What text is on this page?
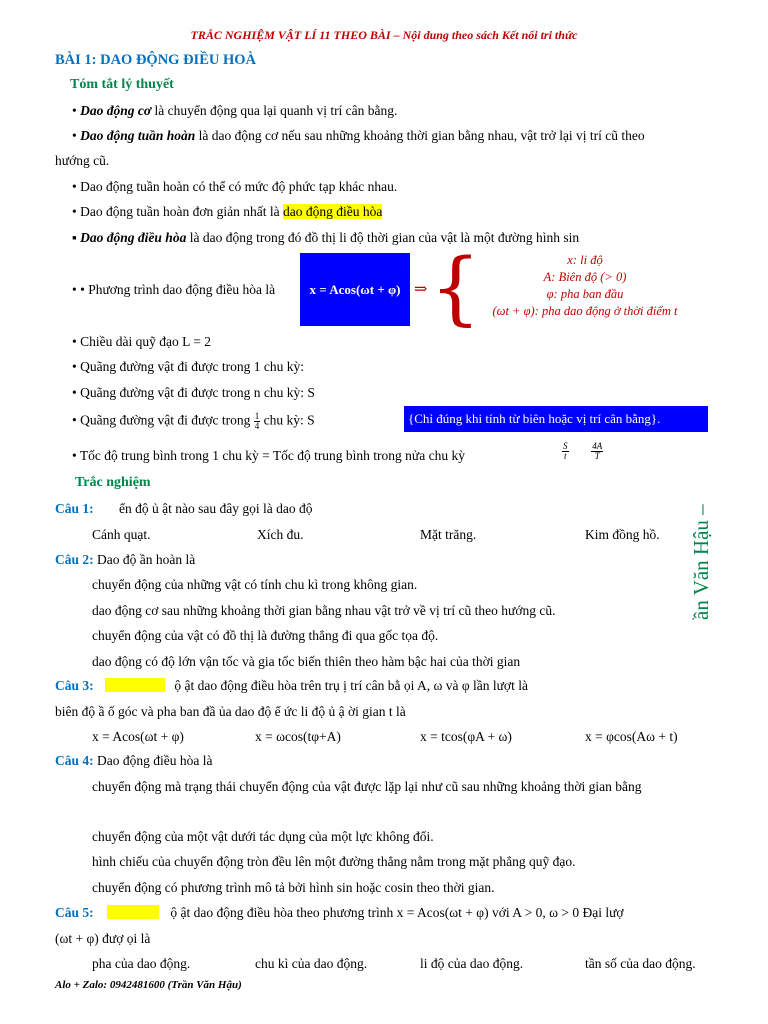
TRẮC NGHIỆM VẬT LÍ 11 THEO BÀI – Nội dung theo sách Kết nối tri thức
BÀI 1: DAO ĐỘNG ĐIỀU HOÀ
Tóm tắt lý thuyết
• Dao động cơ là chuyển động qua lại quanh vị trí cân bằng.
• Dao động tuần hoàn là dao động cơ nếu sau những khoảng thời gian bằng nhau, vật trở lại vị trí cũ theo
hướng cũ.
• Dao động tuần hoàn có thể có mức độ phức tạp khác nhau.
• Dao động tuần hoàn đơn giản nhất là dao động điều hòa
▪ Dao động điều hòa là dao động trong đó đồ thị li độ thời gian của vật là một đường hình sin
• • Phương trình dao động điều hòa là	x = Acos(ωt + φ) ⇒ {	x: li độ
A: Biên độ (> 0)
φ: pha ban đầu
(ωt + φ): pha dao động ở thời điểm t
• Chiều dài quỹ đạo L = 2
• Quãng đường vật đi được trong 1 chu kỳ:
• Quãng đường vật đi được trong n chu kỳ: S
• Quãng đường vật đi được trong $\frac{1}{4}$ chu kỳ: S	{Chỉ đúng khi tính từ biên hoặc vị trí cân bằng}.
• Tốc độ trung bình trong 1 chu kỳ = Tốc độ trung bình trong nửa chu kỳ	$\frac{S}{t}$
	$\frac{4A}{T}$
Trắc nghiệm
Câu 1: ển độ ủ ật nào sau đây gọi là dao độ
Cánh quạt.	Xích đu.	Mặt trăng.	Kim đồng hồ.
Câu 2: Dao độ ần hoàn là
chuyển động của những vật có tính chu kì trong không gian.
dao động cơ sau những khoảng thời gian bằng nhau vật trở về vị trí cũ theo hướng cũ.
chuyển động của vật có đồ thị là đường thẳng đi qua gốc tọa độ.
dao động có độ lớn vận tốc và gia tốc biến thiên theo hàm bậc hai của thời gian
Câu 3:	ộ ật dao động điều hòa trên trụ ị trí cân bằ ọi A, ω và φ lần lượt là
biên độ ầ ố góc và pha ban đầ ủa dao độ ể ức li độ ủ ậ ời gian t là
x = Acos(ωt + φ)	x = ωcos(tφ+A)	x = tcos(φA + ω)	x = φcos(Aω + t)
Câu 4: Dao động điều hòa là
chuyển động mà trạng thái chuyển động của vật được lặp lại như cũ sau những khoảng thời gian bằng
chuyển động của một vật dưới tác dụng của một lực không đổi.
hình chiếu của chuyển động tròn đều lên một đường thẳng nằm trong mặt phẳng quỹ đạo.
chuyển động có phương trình mô tả bởi hình sin hoặc cosin theo thời gian.
Câu 5:	ộ ật dao động điều hòa theo phương trình x = Acos(ωt + φ) với A > 0, ω > 0 Đại lượ
(ωt + φ) đượ ọi là
pha của dao động.	chu kì của dao động.	li độ của dao động.	tần số của dao động.
ần Văn Hậu –
Alo + Zalo: 0942481600 (Trần Văn Hậu)
